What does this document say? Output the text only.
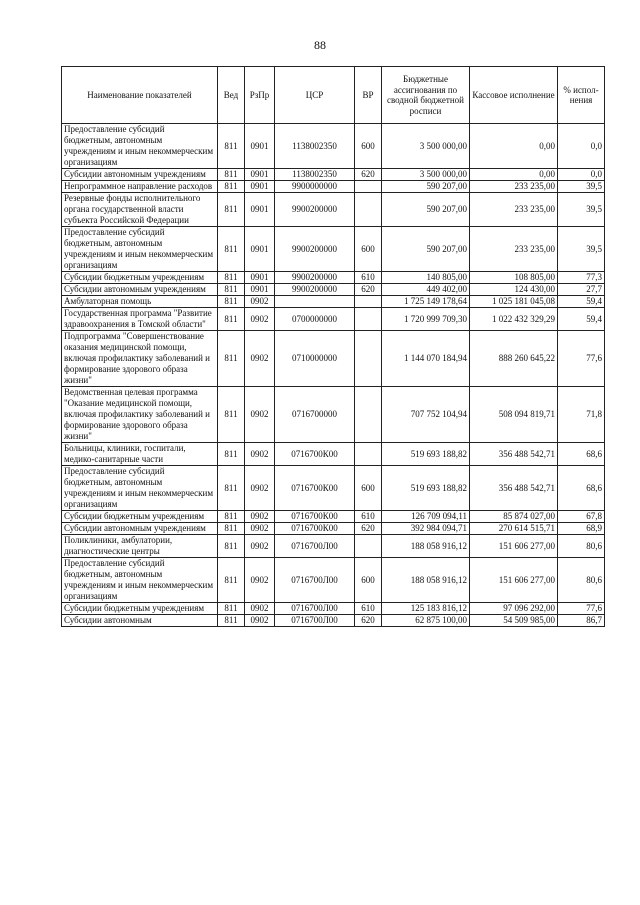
88
Наименование показателей	Вед	РзПр	ЦСР	ВР	Бюджетные ассигнования по сводной бюджетной росписи	Кассовое исполнение	% испол-нения
Предоставление субсидий бюджетным, автономным учреждениям и иным некоммерческим организациям	811	0901	1138002350	600	3 500 000,00	0,00	0,0
Субсидии автономным учреждениям	811	0901	1138002350	620	3 500 000,00	0,00	0,0
Непрограммное направление расходов	811	0901	9900000000		590 207,00	233 235,00	39,5
Резервные фонды исполнительного органа государственной власти субъекта Российской Федерации	811	0901	9900200000		590 207,00	233 235,00	39,5
Предоставление субсидий бюджетным, автономным учреждениям и иным некоммерческим организациям	811	0901	9900200000	600	590 207,00	233 235,00	39,5
Субсидии бюджетным учреждениям	811	0901	9900200000	610	140 805,00	108 805,00	77,3
Субсидии автономным учреждениям	811	0901	9900200000	620	449 402,00	124 430,00	27,7
Амбулаторная помощь	811	0902			1 725 149 178,64	1 025 181 045,08	59,4
Государственная программа "Развитие здравоохранения в Томской области"	811	0902	0700000000		1 720 999 709,30	1 022 432 329,29	59,4
Подпрограмма "Совершенствование оказания медицинской помощи, включая профилактику заболеваний и формирование здорового образа жизни"	811	0902	0710000000		1 144 070 184,94	888 260 645,22	77,6
Ведомственная целевая программа "Оказание медицинской помощи, включая профилактику заболеваний и формирование здорового образа жизни"	811	0902	0716700000		707 752 104,94	508 094 819,71	71,8
Больницы, клиники, госпитали, медико-санитарные части	811	0902	0716700К00		519 693 188,82	356 488 542,71	68,6
Предоставление субсидий бюджетным, автономным учреждениям и иным некоммерческим организациям	811	0902	0716700К00	600	519 693 188,82	356 488 542,71	68,6
Субсидии бюджетным учреждениям	811	0902	0716700К00	610	126 709 094,11	85 874 027,00	67,8
Субсидии автономным учреждениям	811	0902	0716700К00	620	392 984 094,71	270 614 515,71	68,9
Поликлиники, амбулатории, диагностические центры	811	0902	0716700Л00		188 058 916,12	151 606 277,00	80,6
Предоставление субсидий бюджетным, автономным учреждениям и иным некоммерческим организациям	811	0902	0716700Л00	600	188 058 916,12	151 606 277,00	80,6
Субсидии бюджетным учреждениям	811	0902	0716700Л00	610	125 183 816,12	97 096 292,00	77,6
Субсидии автономным	811	0902	0716700Л00	620	62 875 100,00	54 509 985,00	86,7
